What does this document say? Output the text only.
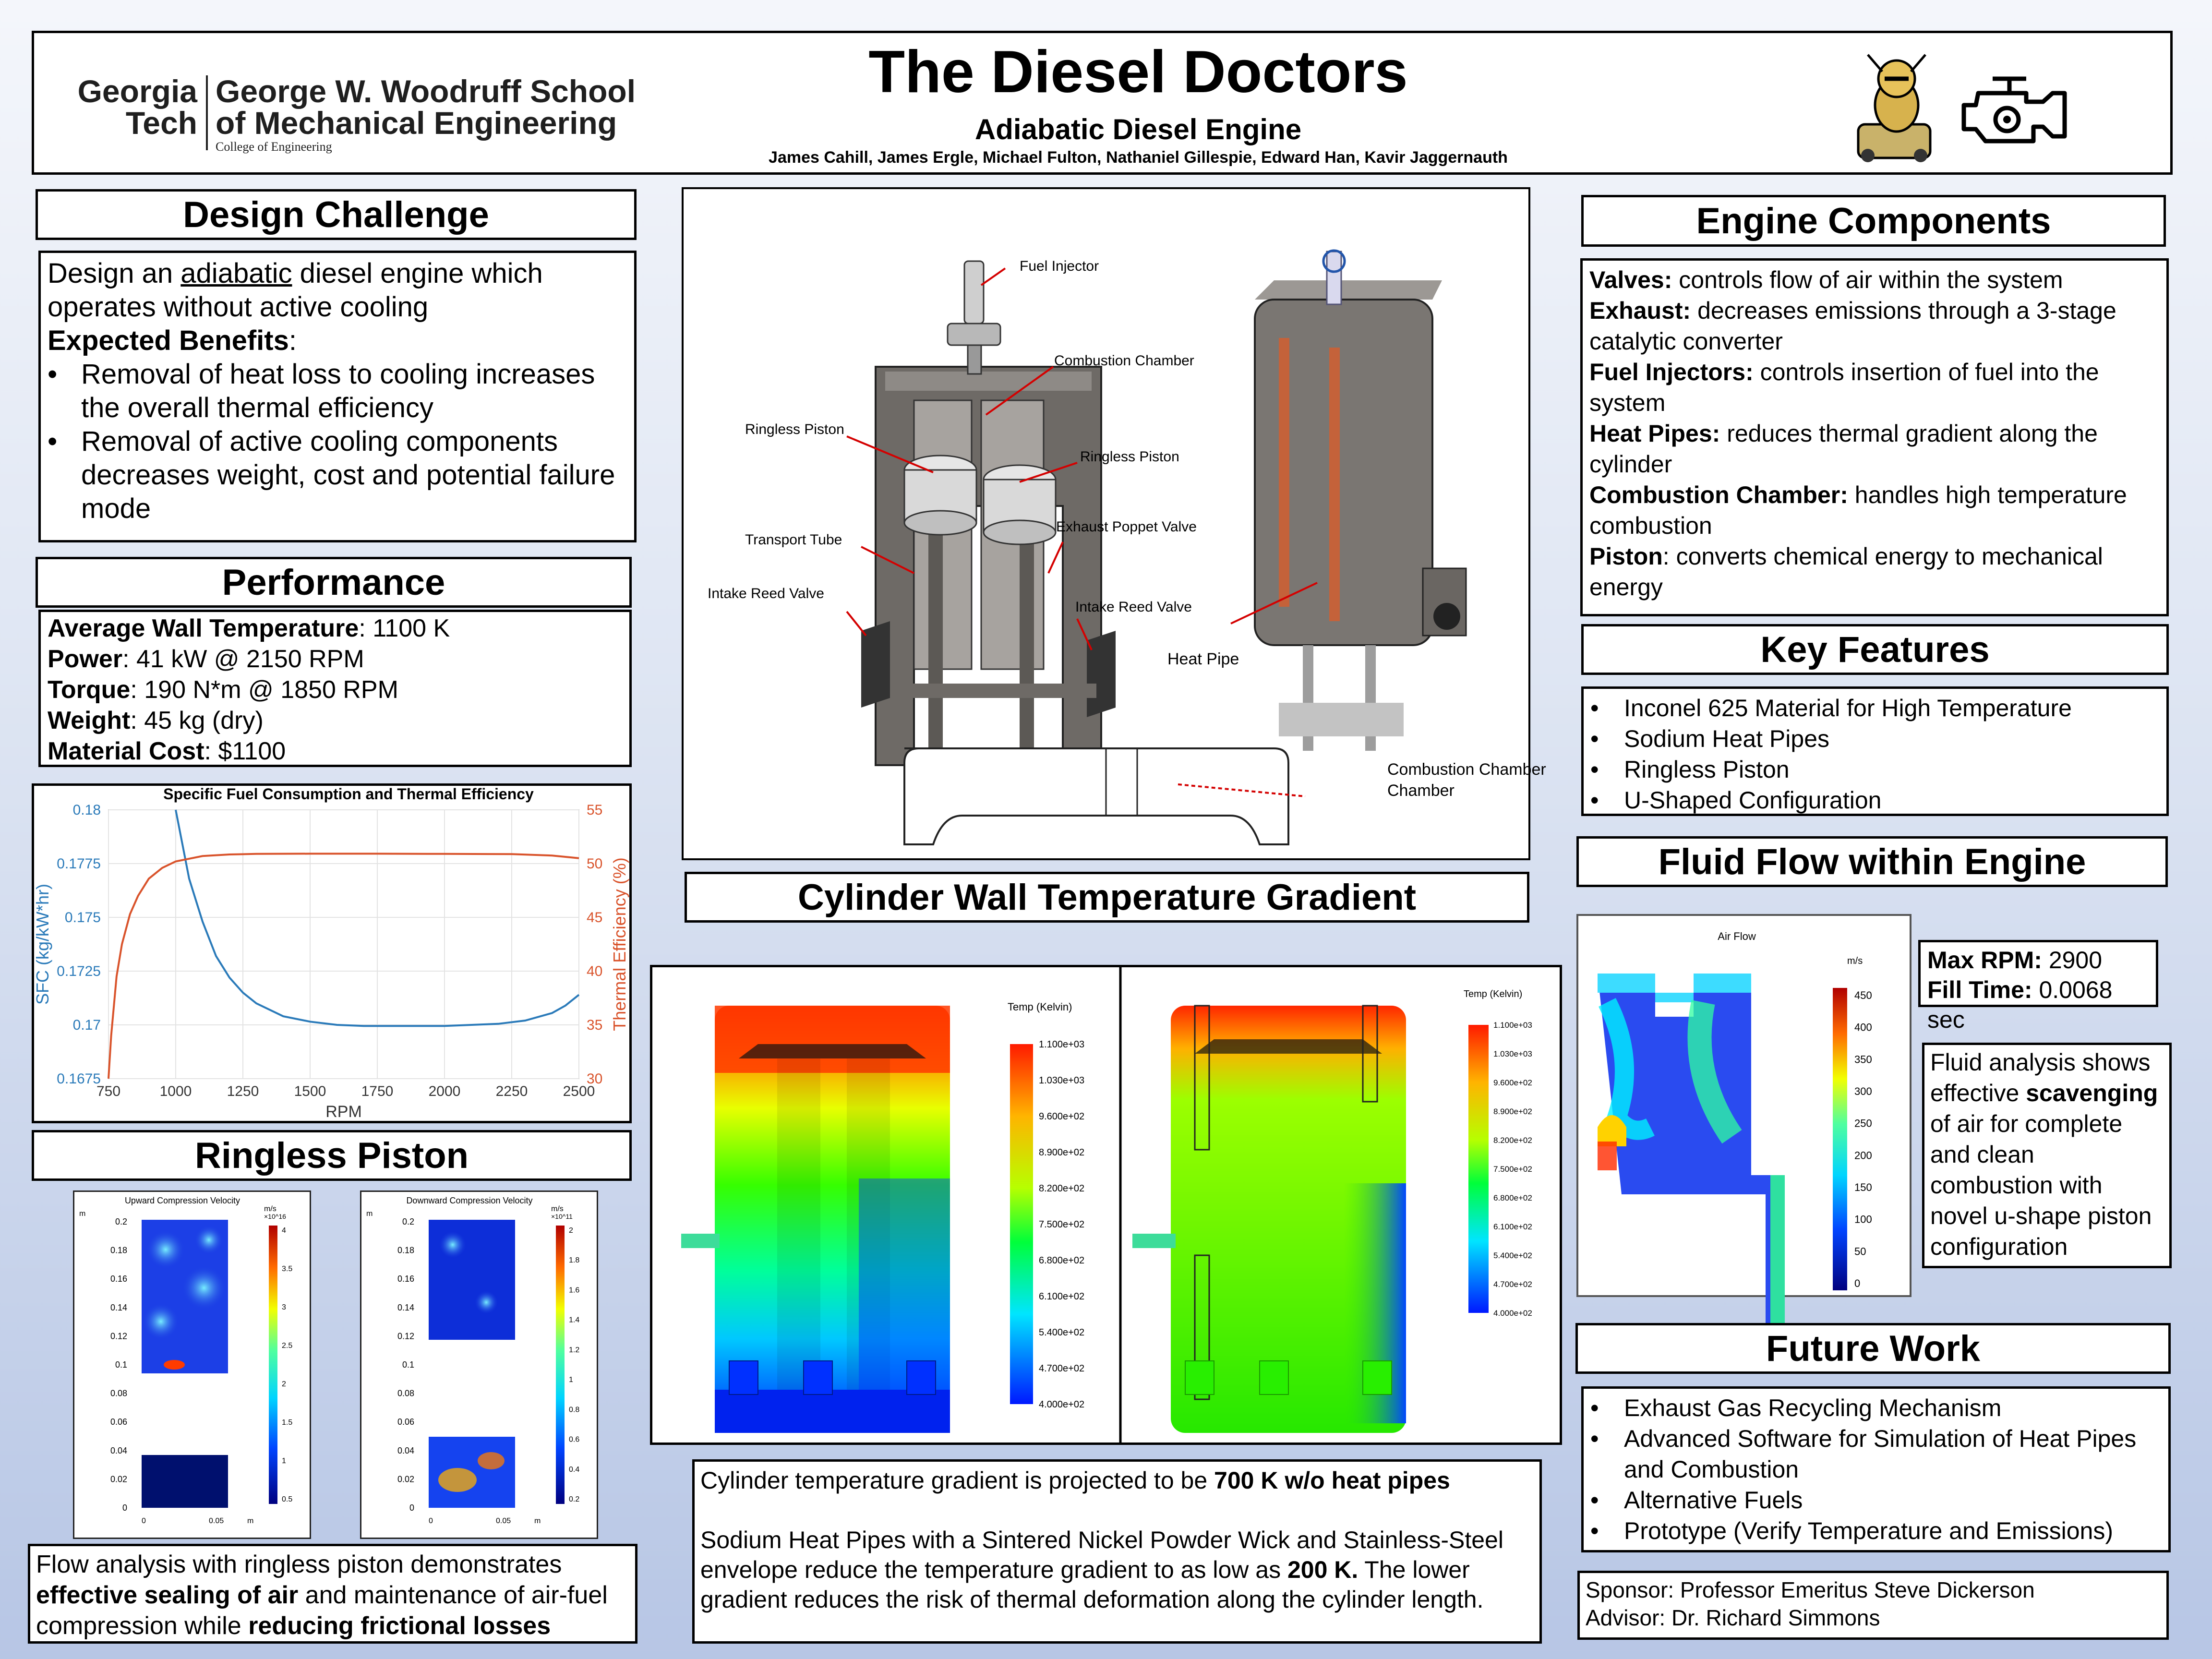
Georgia
Tech
George W. Woodruff School
of Mechanical Engineering
College of Engineering
The Diesel Doctors
Adiabatic Diesel Engine
James Cahill, James Ergle, Michael Fulton, Nathaniel Gillespie, Edward Han, Kavir Jaggernauth
Design Challenge
Design an adiabatic diesel engine which operates without active cooling
Expected Benefits:
• Removal of heat loss to cooling increases the overall thermal efficiency
• Removal of active cooling components decreases weight, cost and potential failure mode
Performance
Average Wall Temperature: 1100 K
Power: 41 kW @ 2150 RPM
Torque: 190 N*m @ 1850 RPM
Weight: 45 kg (dry)
Material Cost: $1100
Specific Fuel Consumption and Thermal Efficiency
750	1000 1250 1500 1750 2000 2250 2500
0.1675
0.17
0.1725
0.175
0.1775
0.18
30
35
40
45
50
55
RPM
SFC (kg/kW*hr)	Thermal Efficiency (%)
Ringless Piston
Upward Compression Velocity
m
0.2
0.18
0.16
0.14
0.12
0.1
0.08
0.06
0.04
0.02
0
m/s
×10^16
4
3.5
3
2.5
2
1.5
1
0.5
0	0.05	m
Downward Compression Velocity
m
0.2
0.18
0.16
0.14
0.12
0.1
0.08
0.06
0.04
0.02
0
m/s
×10^11
2
1.8
1.6
1.4
1.2
1
0.8
0.6
0.4
0.2
0	0.05	m
Flow analysis with ringless piston demonstrates effective sealing of air and maintenance of air-fuel compression while reducing frictional losses
Fuel Injector
Combustion Chamber
Ringless Piston
Ringless Piston
Transport Tube
Exhaust Poppet Valve
Intake Reed Valve
Intake Reed Valve
Heat Pipe
Combustion Chamber
Chamber
Cylinder Wall Temperature Gradient
Temp (Kelvin)
1.100e+03
1.030e+03
9.600e+02
8.900e+02
8.200e+02
7.500e+02
6.800e+02
6.100e+02
5.400e+02
4.700e+02
4.000e+02
Temp (Kelvin)
1.100e+03
1.030e+03
9.600e+02
8.900e+02
8.200e+02
7.500e+02
6.800e+02
6.100e+02
5.400e+02
4.700e+02
4.000e+02
Cylinder temperature gradient is projected to be 700 K w/o heat pipes
Sodium Heat Pipes with a Sintered Nickel Powder Wick and Stainless-Steel envelope reduce the temperature gradient to as low as 200 K. The lower gradient reduces the risk of thermal deformation along the cylinder length.
Engine Components
Valves: controls flow of air within the system
Exhaust: decreases emissions through a 3-stage catalytic converter
Fuel Injectors: controls insertion of fuel into the system
Heat Pipes: reduces thermal gradient along the cylinder
Combustion Chamber: handles high temperature combustion
Piston: converts chemical energy to mechanical energy
Key Features
• Inconel 625 Material for High Temperature
• Sodium Heat Pipes
• Ringless Piston
• U-Shaped Configuration
Fluid Flow within Engine
Air Flow
m/s
450
400
350
300
250
200
150
100
50
0
Max RPM: 2900
Fill Time: 0.0068 sec
Fluid analysis shows effective scavenging of air for complete and clean combustion with novel u-shape piston configuration
Future Work
• Exhaust Gas Recycling Mechanism
• Advanced Software for Simulation of Heat Pipes and Combustion
• Alternative Fuels
• Prototype (Verify Temperature and Emissions)
Sponsor: Professor Emeritus Steve Dickerson
Advisor: Dr. Richard Simmons
